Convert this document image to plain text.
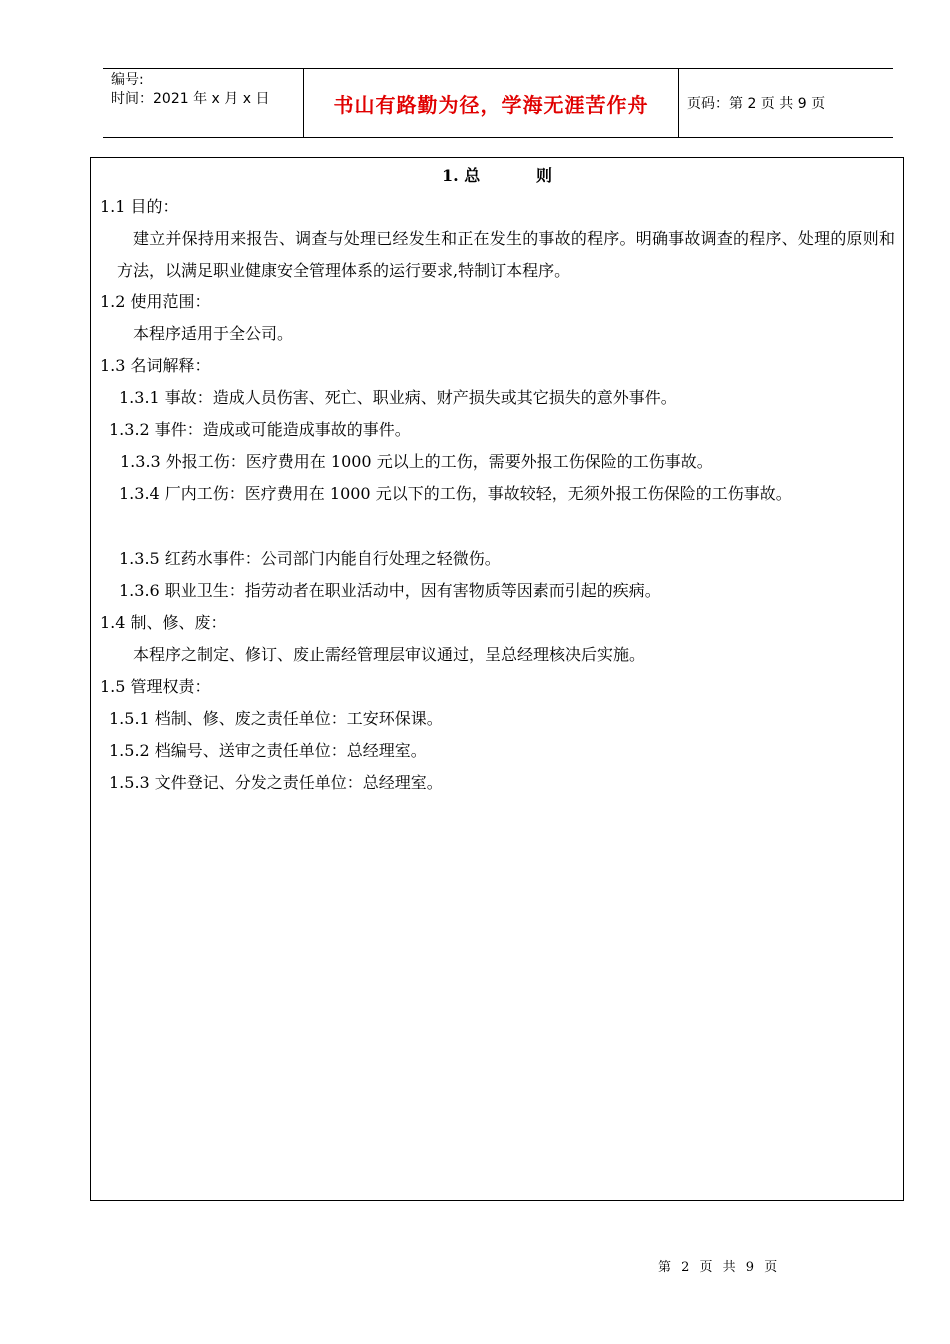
编号:
时间：2021 年 x 月 x 日	书山有路勤为径，学海无涯苦作舟	页码：第 2 页 共 9 页
1. 总          则
1.1 目的：
建立并保持用来报告、调查与处理已经发生和正在发生的事故的程序。明确事故调查的程序、处理的原则和方法，以满足职业健康安全管理体系的运行要求,特制订本程序。
1.2 使用范围：
本程序适用于全公司。
1.3 名词解释：
1.3.1 事故：造成人员伤害、死亡、职业病、财产损失或其它损失的意外事件。
1.3.2 事件：造成或可能造成事故的事件。
1.3.3 外报工伤：医疗费用在 1000 元以上的工伤，需要外报工伤保险的工伤事故。
1.3.4 厂内工伤：医疗费用在 1000 元以下的工伤，事故较轻，无须外报工伤保险的工伤事故。
1.3.5 红药水事件：公司部门内能自行处理之轻微伤。
1.3.6 职业卫生：指劳动者在职业活动中，因有害物质等因素而引起的疾病。
1.4 制、修、废：
本程序之制定、修订、废止需经管理层审议通过，呈总经理核决后实施。
1.5 管理权责：
1.5.1 档制、修、废之责任单位：工安环保课。
1.5.2 档编号、送审之责任单位：总经理室。
1.5.3 文件登记、分发之责任单位：总经理室。
第 2 页 共 9 页
